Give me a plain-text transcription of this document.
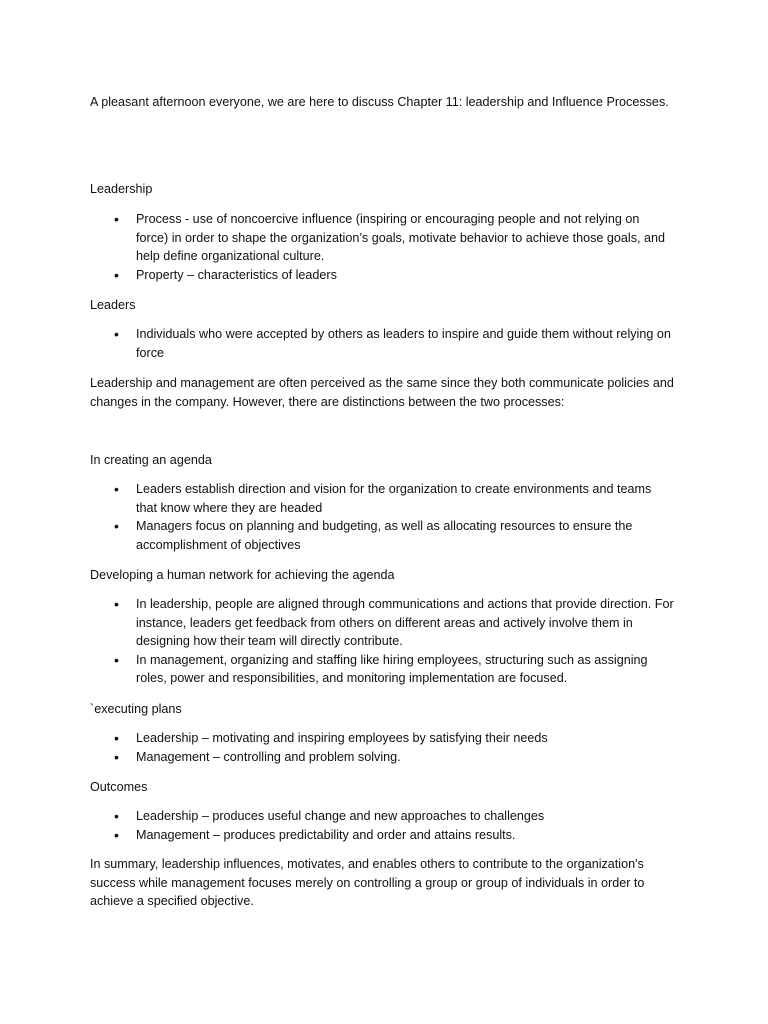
A pleasant afternoon everyone, we are here to discuss Chapter 11: leadership and Influence Processes.
Leadership
• Process - use of noncoercive influence (inspiring or encouraging people and not relying on force) in order to shape the organization’s goals, motivate behavior to achieve those goals, and help define organizational culture.
• Property – characteristics of leaders
Leaders
• Individuals who were accepted by others as leaders to inspire and guide them without relying on force
Leadership and management are often perceived as the same since they both communicate policies and changes in the company. However, there are distinctions between the two processes:
In creating an agenda
• Leaders establish direction and vision for the organization to create environments and teams that know where they are headed
• Managers focus on planning and budgeting, as well as allocating resources to ensure the accomplishment of objectives
Developing a human network for achieving the agenda
• In leadership, people are aligned through communications and actions that provide direction. For instance, leaders get feedback from others on different areas and actively involve them in designing how their team will directly contribute.
• In management, organizing and staffing like hiring employees, structuring such as assigning roles, power and responsibilities, and monitoring implementation are focused.
`executing plans
• Leadership – motivating and inspiring employees by satisfying their needs
• Management – controlling and problem solving.
Outcomes
• Leadership – produces useful change and new approaches to challenges
• Management – produces predictability and order and attains results.
In summary, leadership influences, motivates, and enables others to contribute to the organization's success while management focuses merely on controlling a group or group of individuals in order to achieve a specified objective.
